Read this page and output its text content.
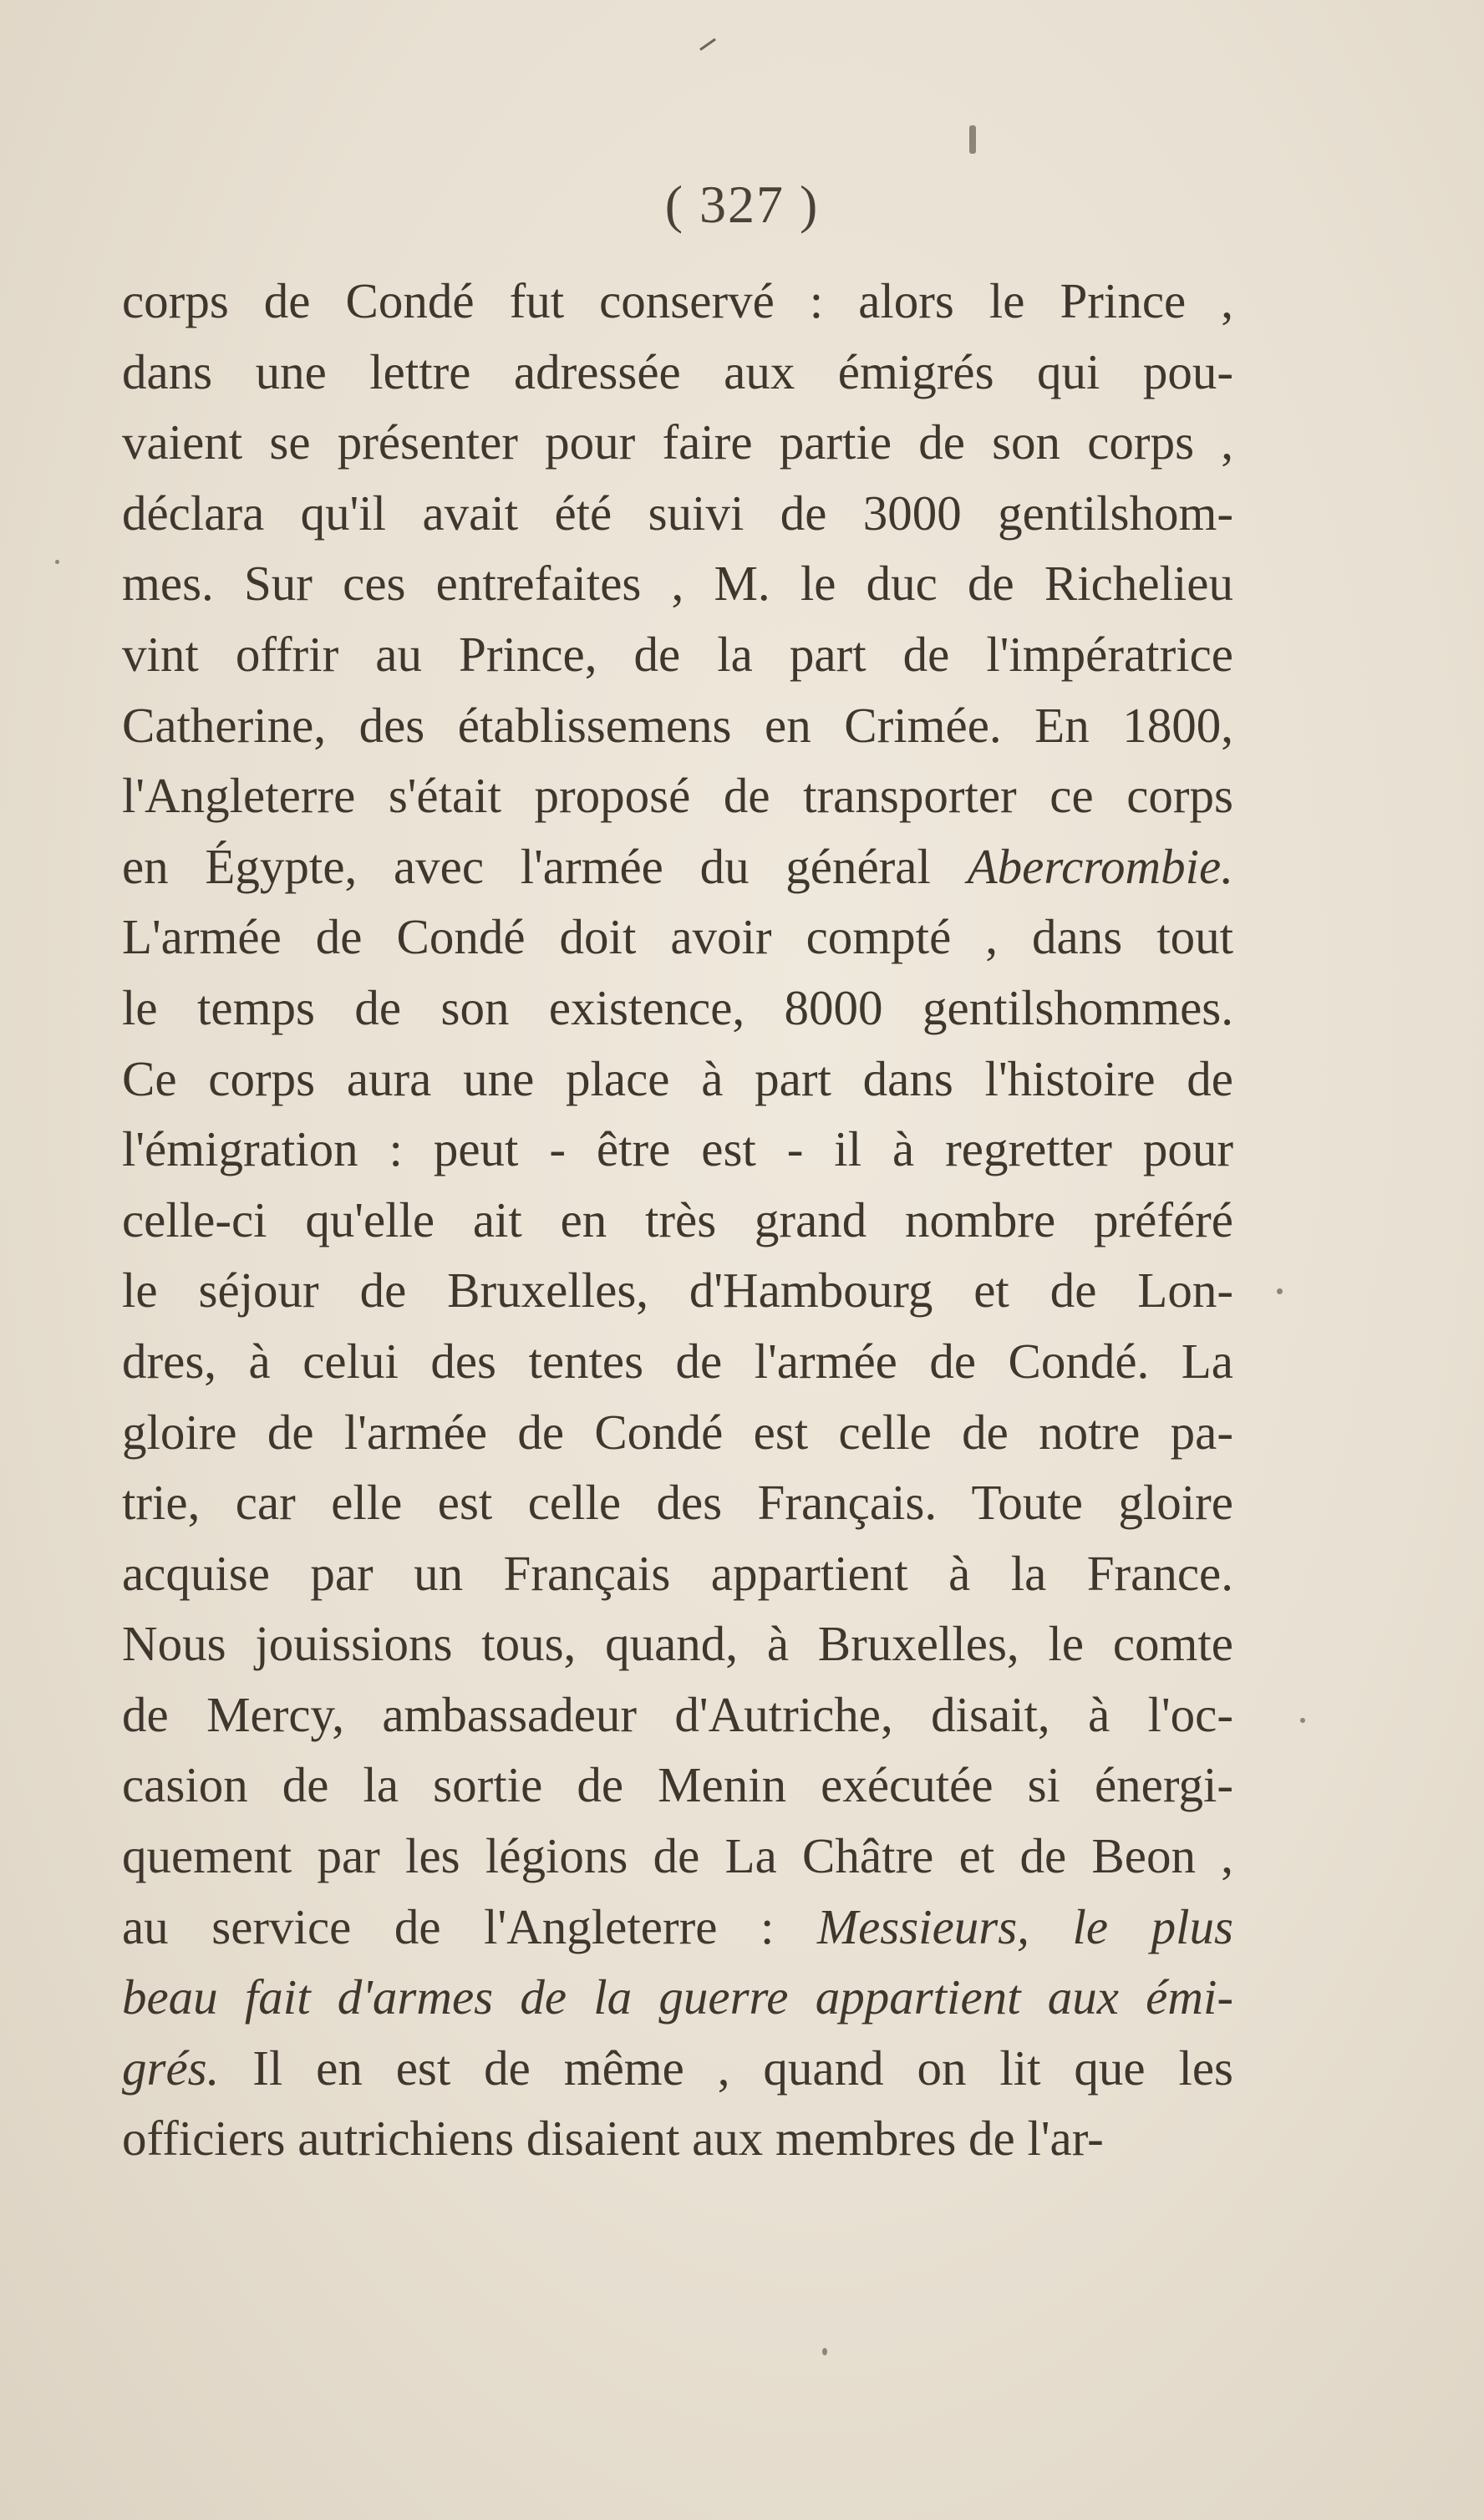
( 327 )
corps de Condé fut conservé : alors le Prince ,
dans une lettre adressée aux émigrés qui pou-
vaient se présenter pour faire partie de son corps ,
déclara qu'il avait été suivi de 3000 gentilshom-
mes. Sur ces entrefaites , M. le duc de Richelieu
vint offrir au Prince, de la part de l'impératrice
Catherine, des établissemens en Crimée. En 1800,
l'Angleterre s'était proposé de transporter ce corps
en Égypte, avec l'armée du général Abercrombie.
L'armée de Condé doit avoir compté , dans tout
le temps de son existence, 8000 gentilshommes.
Ce corps aura une place à part dans l'histoire de
l'émigration : peut - être est - il à regretter pour
celle-ci qu'elle ait en très grand nombre préféré
le séjour de Bruxelles, d'Hambourg et de Lon-
dres, à celui des tentes de l'armée de Condé. La
gloire de l'armée de Condé est celle de notre pa-
trie, car elle est celle des Français. Toute gloire
acquise par un Français appartient à la France.
Nous jouissions tous, quand, à Bruxelles, le comte
de Mercy, ambassadeur d'Autriche, disait, à l'oc-
casion de la sortie de Menin exécutée si énergi-
quement par les légions de La Châtre et de Beon ,
au service de l'Angleterre : Messieurs, le plus
beau fait d'armes de la guerre appartient aux émi-
grés. Il en est de même , quand on lit que les
officiers autrichiens disaient aux membres de l'ar-
